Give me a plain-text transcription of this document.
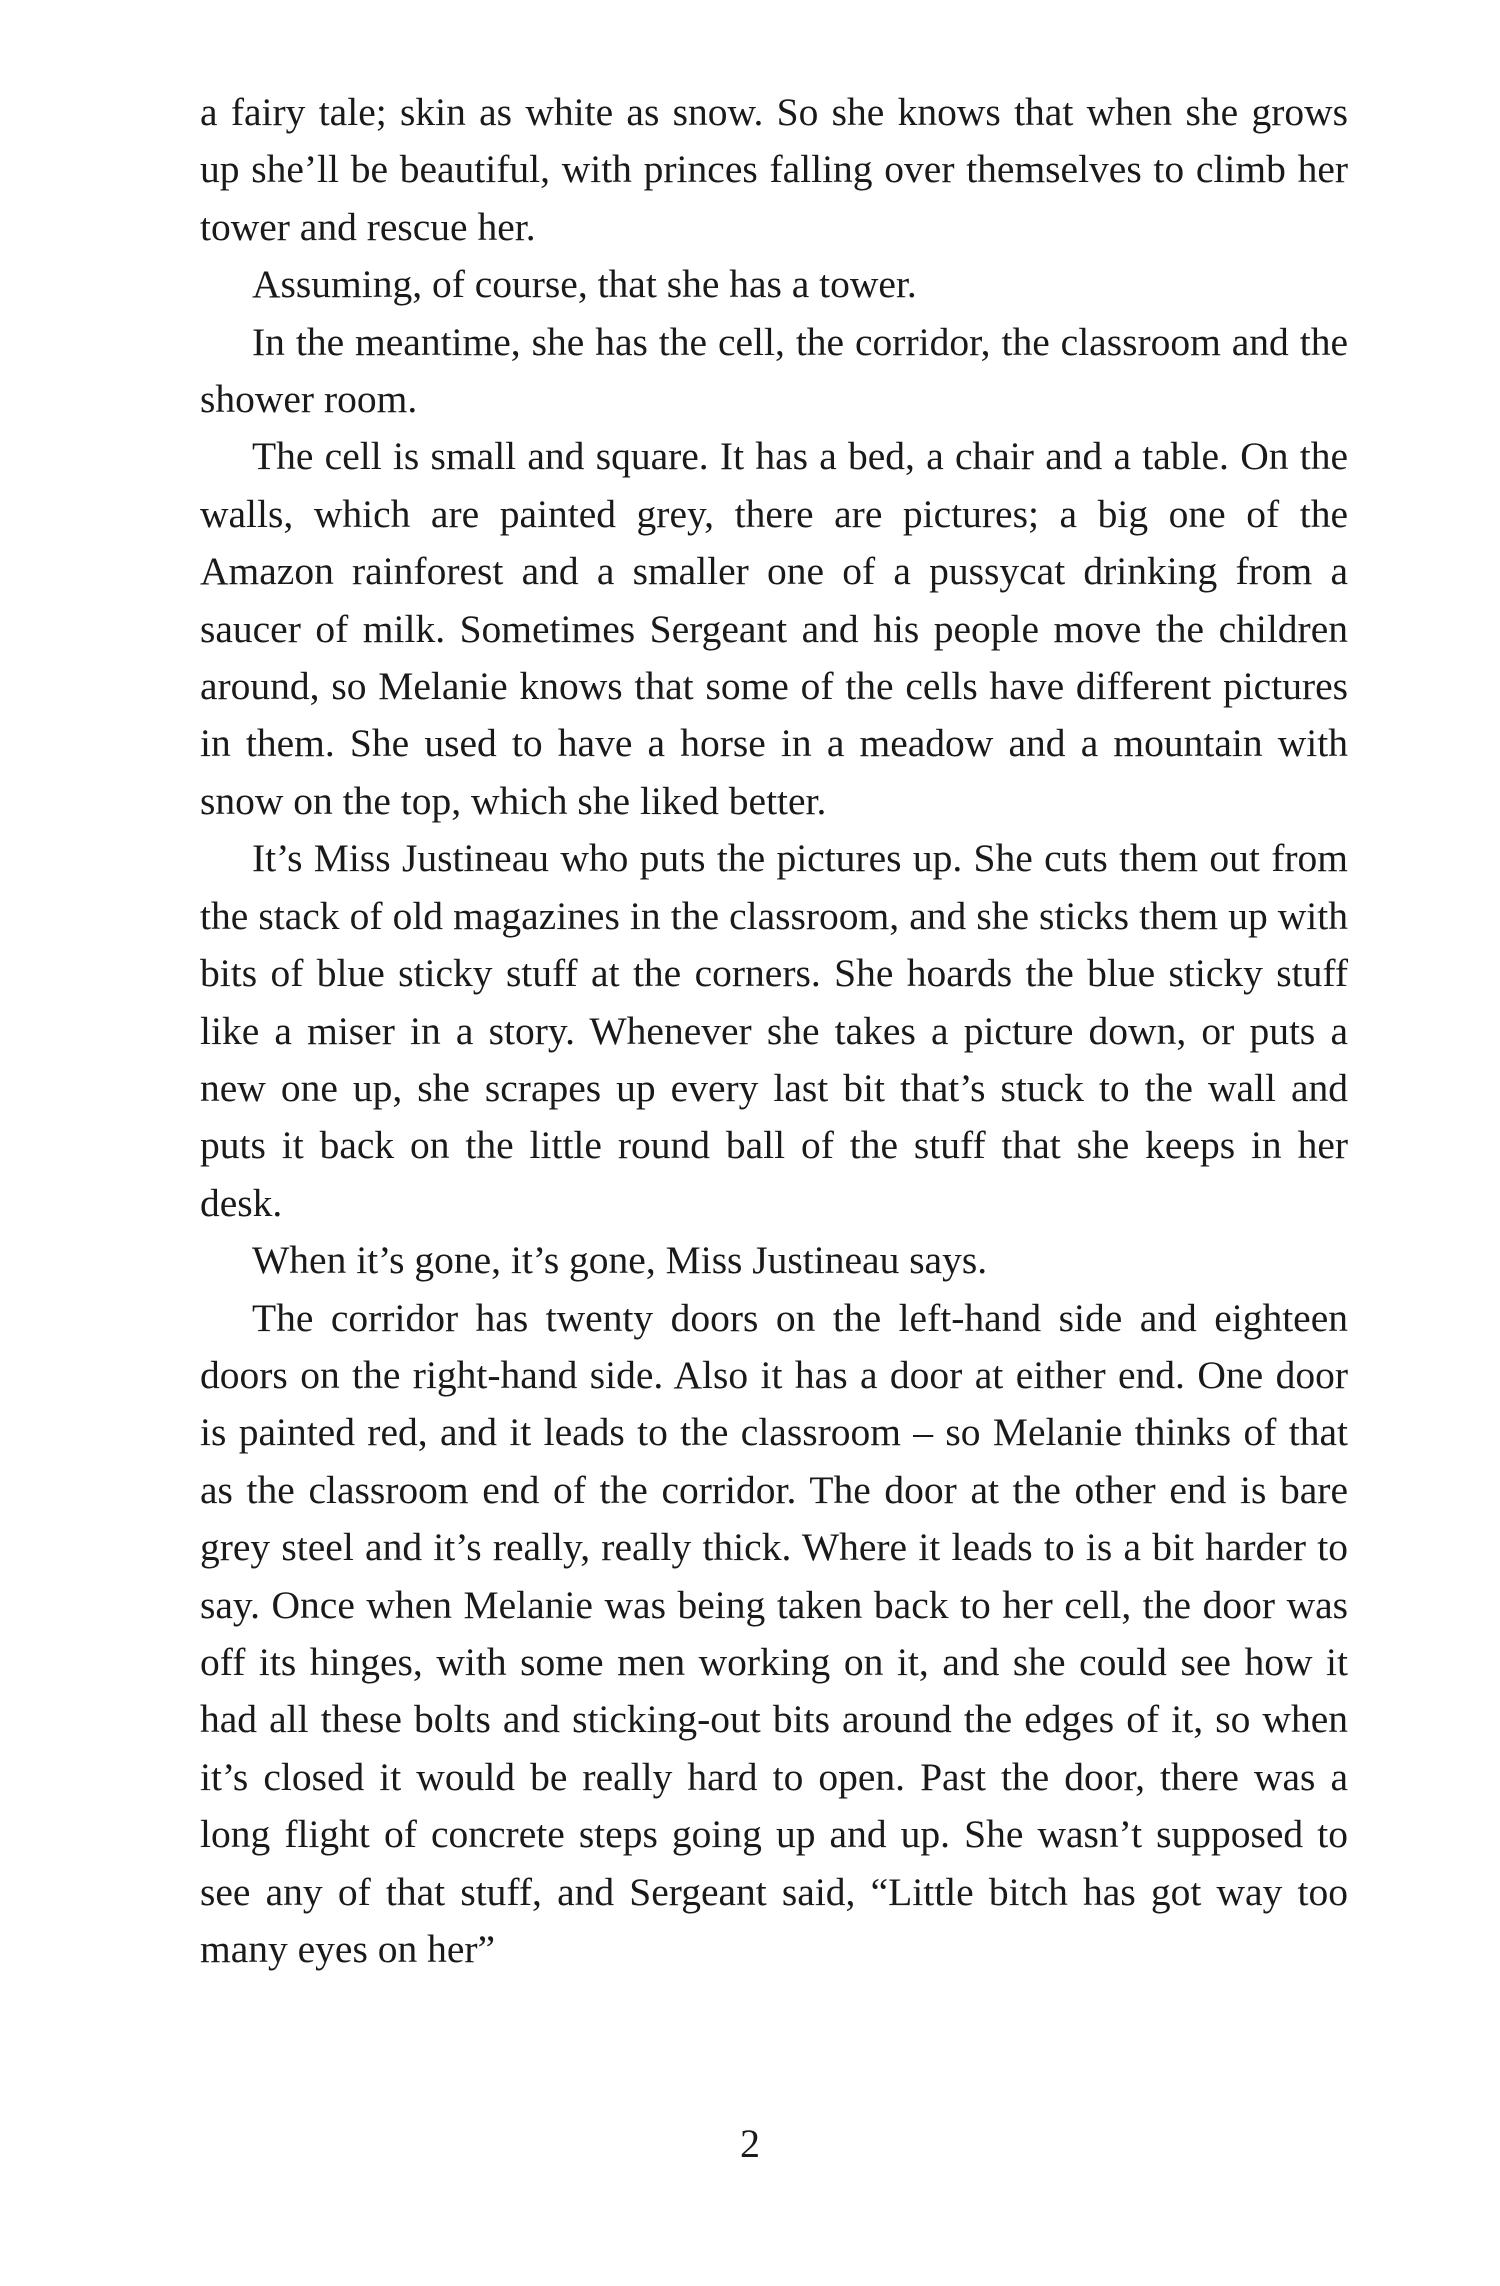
a fairy tale; skin as white as snow. So she knows that when she grows up she’ll be beautiful, with princes falling over themselves to climb her tower and rescue her.

Assuming, of course, that she has a tower.

In the meantime, she has the cell, the corridor, the classroom and the shower room.

The cell is small and square. It has a bed, a chair and a table. On the walls, which are painted grey, there are pictures; a big one of the Amazon rainforest and a smaller one of a pussycat drinking from a saucer of milk. Sometimes Sergeant and his people move the children around, so Melanie knows that some of the cells have different pictures in them. She used to have a horse in a meadow and a mountain with snow on the top, which she liked better.

It’s Miss Justineau who puts the pictures up. She cuts them out from the stack of old magazines in the classroom, and she sticks them up with bits of blue sticky stuff at the corners. She hoards the blue sticky stuff like a miser in a story. Whenever she takes a picture down, or puts a new one up, she scrapes up every last bit that’s stuck to the wall and puts it back on the little round ball of the stuff that she keeps in her desk.

When it’s gone, it’s gone, Miss Justineau says.

The corridor has twenty doors on the left-hand side and eighteen doors on the right-hand side. Also it has a door at either end. One door is painted red, and it leads to the classroom – so Melanie thinks of that as the classroom end of the corridor. The door at the other end is bare grey steel and it’s really, really thick. Where it leads to is a bit harder to say. Once when Melanie was being taken back to her cell, the door was off its hinges, with some men working on it, and she could see how it had all these bolts and sticking-out bits around the edges of it, so when it’s closed it would be really hard to open. Past the door, there was a long flight of concrete steps going up and up. She wasn’t supposed to see any of that stuff, and Sergeant said, “Little bitch has got way too many eyes on her”

2
